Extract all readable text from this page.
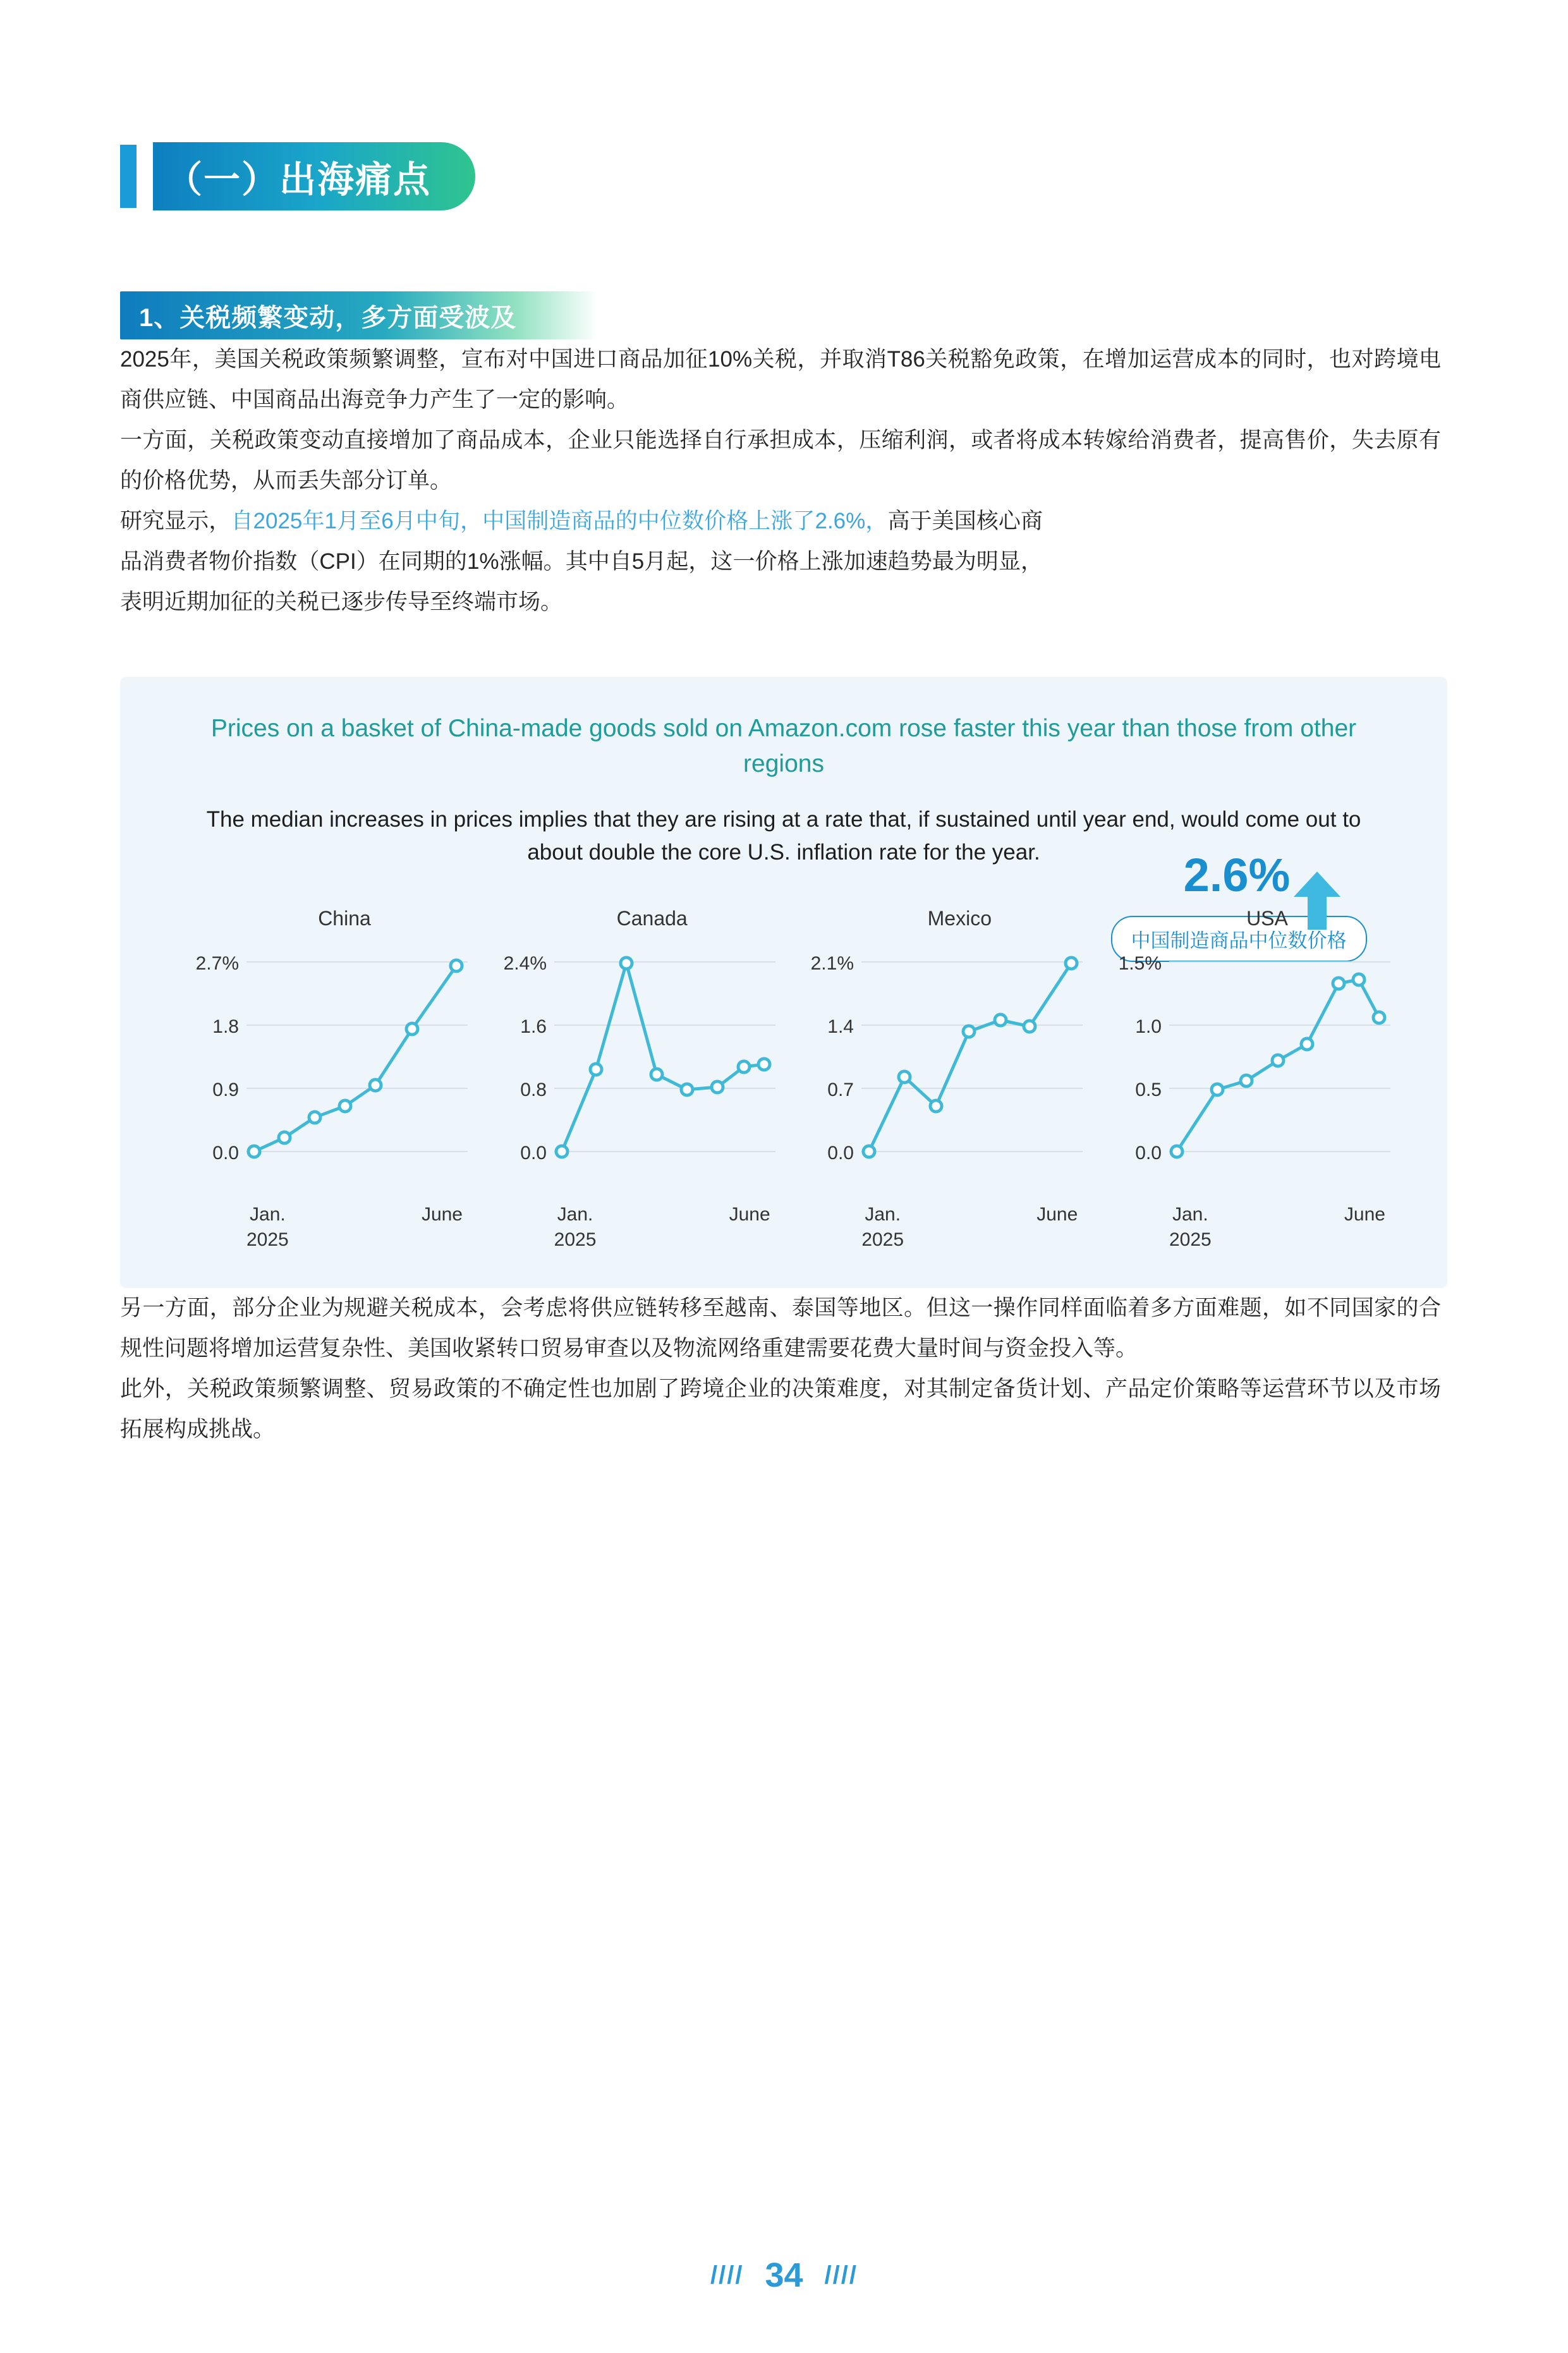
（一）出海痛点
1、关税频繁变动，多方面受波及

2025年，美国关税政策频繁调整，宣布对中国进口商品加征10%关税，并取消T86关税豁免政策，在增加运营成本的同时，也对跨境电商供应链、中国商品出海竞争力产生了一定的影响。

一方面，关税政策变动直接增加了商品成本，企业只能选择自行承担成本，压缩利润，或者将成本转嫁给消费者，提高售价，失去原有的价格优势，从而丢失部分订单。

研究显示，自2025年1月至6月中旬，中国制造商品的中位数价格上涨了2.6%，高于美国核心商品消费者物价指数（CPI）在同期的1%涨幅。其中自5月起，这一价格上涨加速趋势最为明显，表明近期加征的关税已逐步传导至终端市场。

2.6%
中国制造商品中位数价格
Prices on a basket of China-made goods sold on Amazon.com rose faster this year than those from other regions
The median increases in prices implies that they are rising at a rate that, if sustained until year end, would come out to about double the core U.S. inflation rate for the year.
China
2.7%
1.8
0.9
0.0
Jan.
2025
June
Canada
2.4%
1.6
0.8
0.0
Jan.
2025
June
Mexico
2.1%
1.4
0.7
0.0
Jan.
2025
June
USA
1.5%
1.0
0.5
0.0
Jan.
2025
June

另一方面，部分企业为规避关税成本，会考虑将供应链转移至越南、泰国等地区。但这一操作同样面临着多方面难题，如不同国家的合规性问题将增加运营复杂性、美国收紧转口贸易审查以及物流网络重建需要花费大量时间与资金投入等。

此外，关税政策频繁调整、贸易政策的不确定性也加剧了跨境企业的决策难度，对其制定备货计划、产品定价策略等运营环节以及市场拓展构成挑战。

//// 34 ////
